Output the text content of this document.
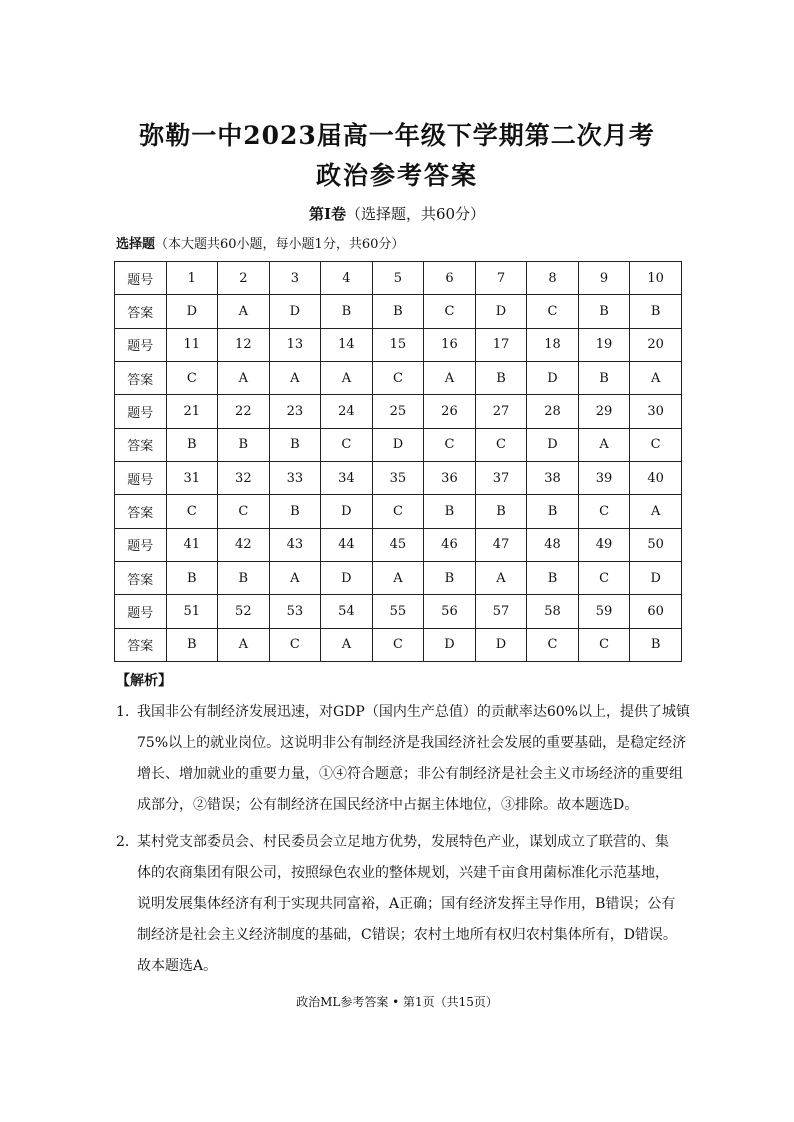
弥勒一中2023届高一年级下学期第二次月考
政治参考答案
第Ⅰ卷（选择题，共60分）
选择题（本大题共60小题，每小题1分，共60分）
题号	1	2	3	4	5	6	7	8	9	10
答案	D	A	D	B	B	C	D	C	B	B
题号	11	12	13	14	15	16	17	18	19	20
答案	C	A	A	A	C	A	B	D	B	A
题号	21	22	23	24	25	26	27	28	29	30
答案	B	B	B	C	D	C	C	D	A	C
题号	31	32	33	34	35	36	37	38	39	40
答案	C	C	B	D	C	B	B	B	C	A
题号	41	42	43	44	45	46	47	48	49	50
答案	B	B	A	D	A	B	A	B	C	D
题号	51	52	53	54	55	56	57	58	59	60
答案	B	A	C	A	C	D	D	C	C	B
【解析】
1. 我国非公有制经济发展迅速，对GDP（国内生产总值）的贡献率达60%以上，提供了城镇
75%以上的就业岗位。这说明非公有制经济是我国经济社会发展的重要基础，是稳定经济
增长、增加就业的重要力量，①④符合题意；非公有制经济是社会主义市场经济的重要组
成部分，②错误；公有制经济在国民经济中占据主体地位，③排除。故本题选D。
2. 某村党支部委员会、村民委员会立足地方优势，发展特色产业，谋划成立了联营的、集
体的农商集团有限公司，按照绿色农业的整体规划，兴建千亩食用菌标准化示范基地，
说明发展集体经济有利于实现共同富裕，A正确；国有经济发挥主导作用，B错误；公有
制经济是社会主义经济制度的基础，C错误；农村土地所有权归农村集体所有，D错误。
故本题选A。
政治ML参考答案 • 第1页（共15页）
